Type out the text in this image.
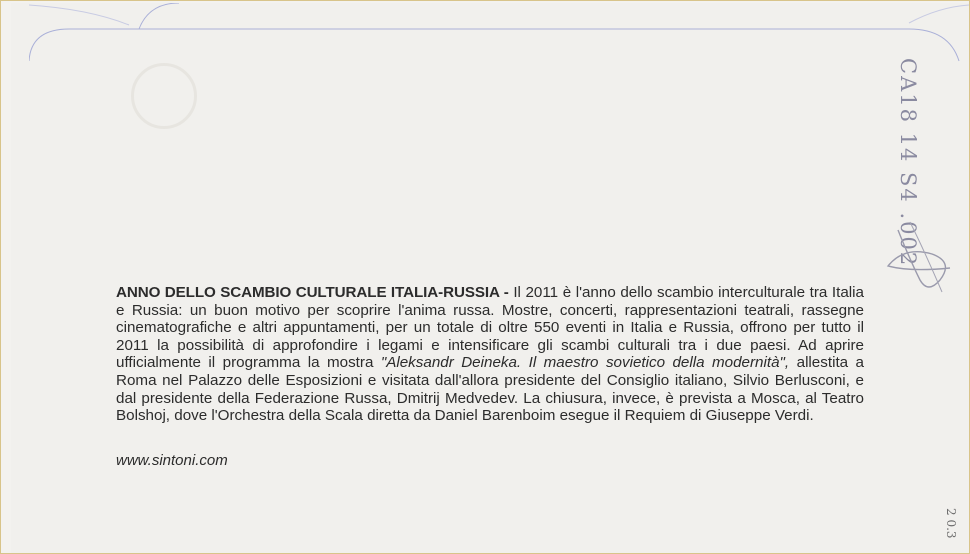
ANNO DELLO SCAMBIO CULTURALE ITALIA-RUSSIA - Il 2011 è l'anno dello scambio interculturale tra Italia e Russia: un buon motivo per scoprire l'anima russa. Mostre, concerti, rappresentazioni teatrali, rassegne cinematografiche e altri appuntamenti, per un totale di oltre 550 eventi in Italia e Russia, offrono per tutto il 2011 la possibilità di approfondire i legami e intensificare gli scambi culturali tra i due paesi. Ad aprire ufficialmente il programma la mostra "Aleksandr Deineka. Il maestro sovietico della modernità", allestita a Roma nel Palazzo delle Esposizioni e visitata dall'allora presidente del Consiglio italiano, Silvio Berlusconi, e dal presidente della Federazione Russa, Dmitrij Medvedev. La chiusura, invece, è prevista a Mosca, al Teatro Bolshoj, dove l'Orchestra della Scala diretta da Daniel Barenboim esegue il Requiem di Giuseppe Verdi.
www.sintoni.com
CA18 14 S4 .002
2 0.3
